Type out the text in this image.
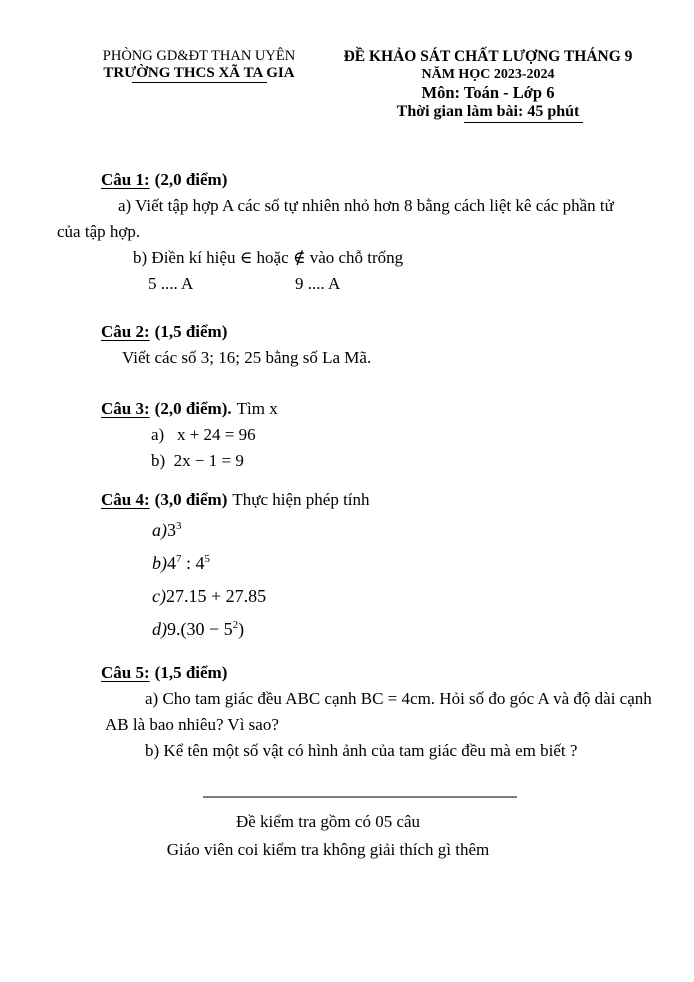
PHÒNG GD&ĐT THAN UYÊN
TRƯỜNG THCS XÃ TA GIA
ĐỀ KHẢO SÁT CHẤT LƯỢNG THÁNG 9
NĂM HỌC 2023-2024
Môn: Toán - Lớp 6
Thời gian làm bài: 45 phút
Câu 1: (2,0 điểm)
a) Viết tập hợp A các số tự nhiên nhỏ hơn 8 bằng cách liệt kê các phần tử
của tập hợp.
b) Điền kí hiệu ∈ hoặc ∉ vào chỗ trống
5 .... A	9 .... A
Câu 2: (1,5 điểm)
Viết các số 3; 16; 25 bằng số La Mã.
Câu 3: (2,0 điểm). Tìm x
a)   x + 24 = 96
b)  2x − 1 = 9
Câu 4: (3,0 điểm) Thực hiện phép tính
$a)3^3$
$b)4^7$ : $4^5$
c)27.15 + 27.85
$d)9.(30 - 5^2)$
Câu 5: (1,5 điểm)
a) Cho tam giác đều ABC cạnh BC = 4cm. Hỏi số đo góc A và độ dài cạnh
AB là bao nhiêu? Vì sao?
b) Kể tên một số vật có hình ảnh của tam giác đều mà em biết ?
Đề kiểm tra gồm có 05 câu
Giáo viên coi kiểm tra không giải thích gì thêm
